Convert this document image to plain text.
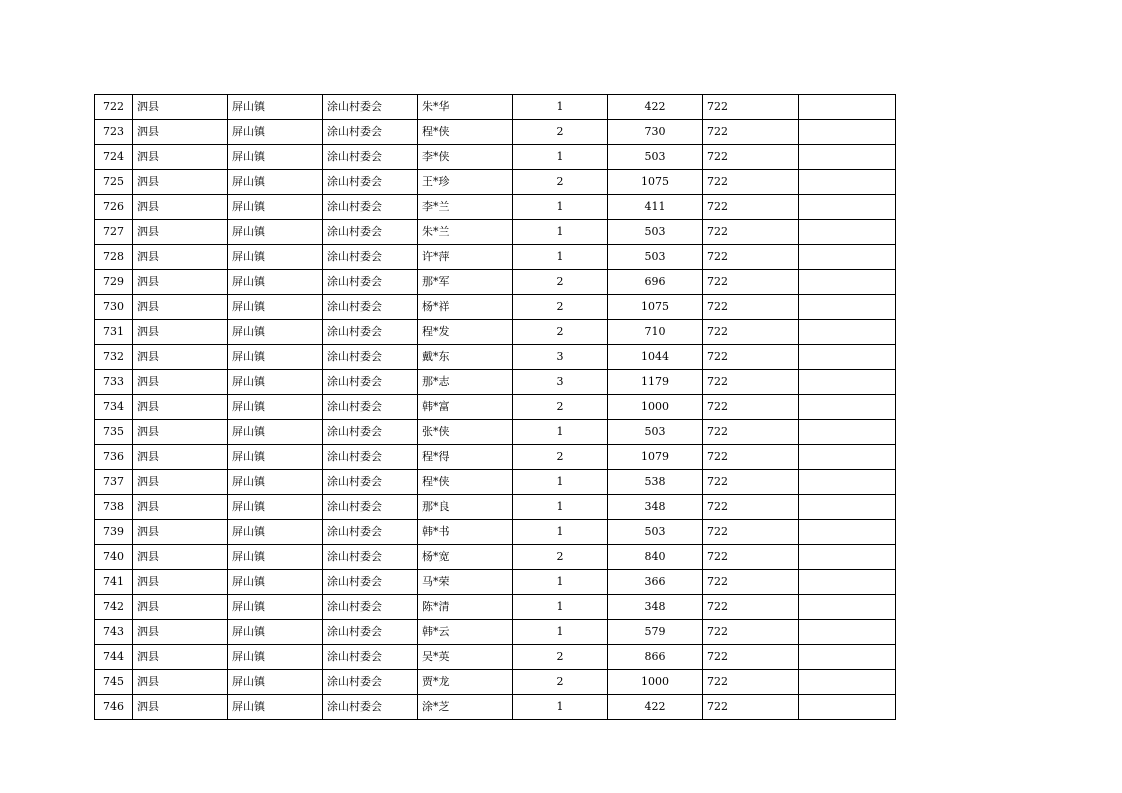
722	泗县	屏山镇	涂山村委会	朱*华	1	422	722	
723	泗县	屏山镇	涂山村委会	程*侠	2	730	722	
724	泗县	屏山镇	涂山村委会	李*侠	1	503	722	
725	泗县	屏山镇	涂山村委会	王*珍	2	1075	722	
726	泗县	屏山镇	涂山村委会	李*兰	1	411	722	
727	泗县	屏山镇	涂山村委会	朱*兰	1	503	722	
728	泗县	屏山镇	涂山村委会	许*萍	1	503	722	
729	泗县	屏山镇	涂山村委会	那*军	2	696	722	
730	泗县	屏山镇	涂山村委会	杨*祥	2	1075	722	
731	泗县	屏山镇	涂山村委会	程*发	2	710	722	
732	泗县	屏山镇	涂山村委会	戴*东	3	1044	722	
733	泗县	屏山镇	涂山村委会	那*志	3	1179	722	
734	泗县	屏山镇	涂山村委会	韩*富	2	1000	722	
735	泗县	屏山镇	涂山村委会	张*侠	1	503	722	
736	泗县	屏山镇	涂山村委会	程*得	2	1079	722	
737	泗县	屏山镇	涂山村委会	程*侠	1	538	722	
738	泗县	屏山镇	涂山村委会	那*良	1	348	722	
739	泗县	屏山镇	涂山村委会	韩*书	1	503	722	
740	泗县	屏山镇	涂山村委会	杨*宽	2	840	722	
741	泗县	屏山镇	涂山村委会	马*荣	1	366	722	
742	泗县	屏山镇	涂山村委会	陈*清	1	348	722	
743	泗县	屏山镇	涂山村委会	韩*云	1	579	722	
744	泗县	屏山镇	涂山村委会	吴*英	2	866	722	
745	泗县	屏山镇	涂山村委会	贾*龙	2	1000	722	
746	泗县	屏山镇	涂山村委会	涂*芝	1	422	722	
